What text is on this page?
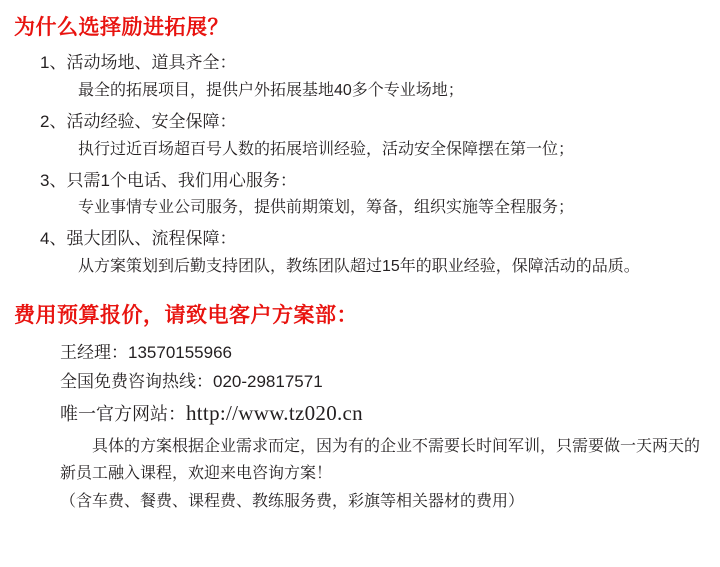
为什么选择励进拓展？
1、活动场地、道具齐全：
最全的拓展项目，提供户外拓展基地40多个专业场地；
2、活动经验、安全保障：
执行过近百场超百号人数的拓展培训经验，活动安全保障摆在第一位；
3、只需1个电话、我们用心服务：
专业事情专业公司服务，提供前期策划，筹备，组织实施等全程服务；
4、强大团队、流程保障：
从方案策划到后勤支持团队，教练团队超过15年的职业经验，保障活动的品质。
费用预算报价，请致电客户方案部：
王经理：13570155966
全国免费咨询热线：020-29817571
唯一官方网站：http://www.tz020.cn
具体的方案根据企业需求而定，因为有的企业不需要长时间军训，只需要做一天两天的新员工融入课程，欢迎来电咨询方案！
（含车费、餐费、课程费、教练服务费，彩旗等相关器材的费用）
